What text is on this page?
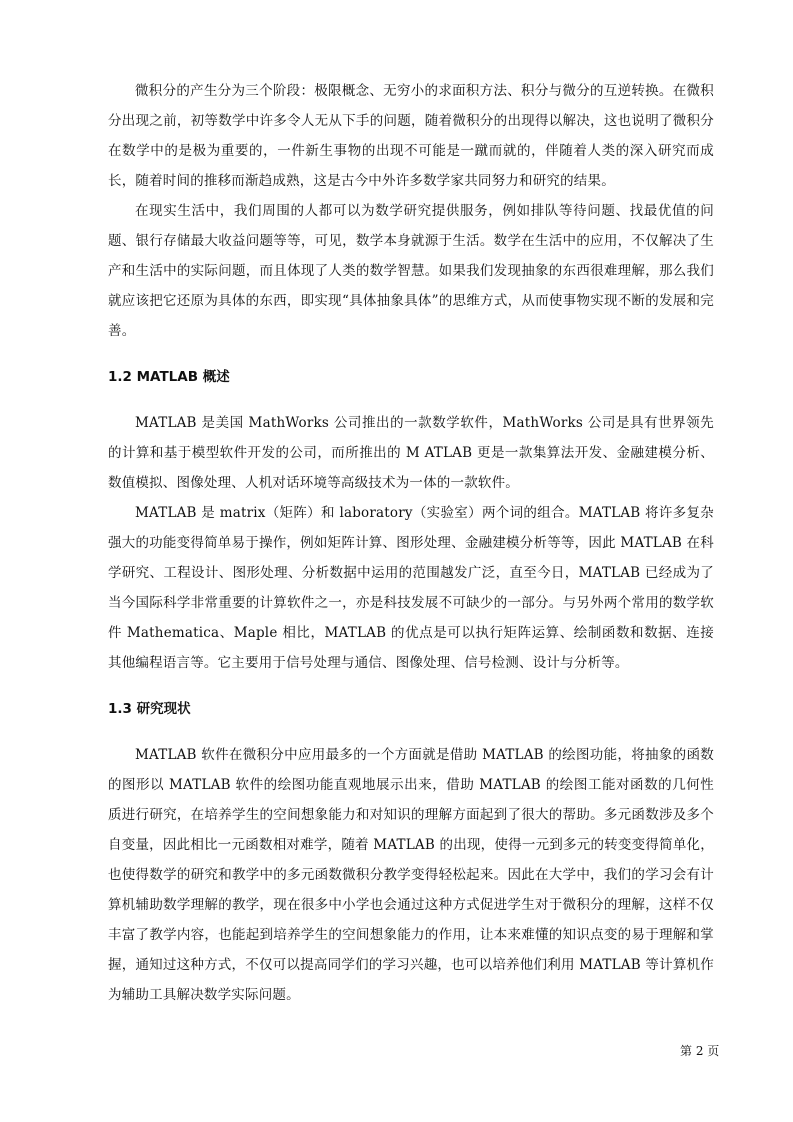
微积分的产生分为三个阶段：极限概念、无穷小的求面积方法、积分与微分的互逆转换。在微积分出现之前，初等数学中许多令人无从下手的问题，随着微积分的出现得以解决，这也说明了微积分在数学中的是极为重要的，一件新生事物的出现不可能是一蹴而就的，伴随着人类的深入研究而成长，随着时间的推移而渐趋成熟，这是古今中外许多数学家共同努力和研究的结果。

在现实生活中，我们周围的人都可以为数学研究提供服务，例如排队等待问题、找最优值的问题、银行存储最大收益问题等等，可见，数学本身就源于生活。数学在生活中的应用，不仅解决了生产和生活中的实际问题，而且体现了人类的数学智慧。如果我们发现抽象的东西很难理解，那么我们就应该把它还原为具体的东西，即实现“具体抽象具体”的思维方式，从而使事物实现不断的发展和完善。

1.2 MATLAB 概述

MATLAB 是美国 MathWorks 公司推出的一款数学软件，MathWorks 公司是具有世界领先的计算和基于模型软件开发的公司，而所推出的 M ATLAB 更是一款集算法开发、金融建模分析、数值模拟、图像处理、人机对话环境等高级技术为一体的一款软件。

MATLAB 是 matrix（矩阵）和 laboratory（实验室）两个词的组合。MATLAB 将许多复杂强大的功能变得简单易于操作，例如矩阵计算、图形处理、金融建模分析等等，因此 MATLAB 在科学研究、工程设计、图形处理、分析数据中运用的范围越发广泛，直至今日，MATLAB 已经成为了当今国际科学非常重要的计算软件之一，亦是科技发展不可缺少的一部分。与另外两个常用的数学软件 Mathematica、Maple 相比，MATLAB 的优点是可以执行矩阵运算、绘制函数和数据、连接其他编程语言等。它主要用于信号处理与通信、图像处理、信号检测、设计与分析等。

1.3 研究现状

MATLAB 软件在微积分中应用最多的一个方面就是借助 MATLAB 的绘图功能，将抽象的函数的图形以 MATLAB 软件的绘图功能直观地展示出来，借助 MATLAB 的绘图工能对函数的几何性质进行研究，在培养学生的空间想象能力和对知识的理解方面起到了很大的帮助。多元函数涉及多个自变量，因此相比一元函数相对难学，随着 MATLAB 的出现，使得一元到多元的转变变得简单化，也使得数学的研究和教学中的多元函数微积分教学变得轻松起来。因此在大学中，我们的学习会有计算机辅助数学理解的教学，现在很多中小学也会通过这种方式促进学生对于微积分的理解，这样不仅丰富了教学内容，也能起到培养学生的空间想象能力的作用，让本来难懂的知识点变的易于理解和掌握，通知过这种方式，不仅可以提高同学们的学习兴趣，也可以培养他们利用 MATLAB 等计算机作为辅助工具解决数学实际问题。

第 2 页
